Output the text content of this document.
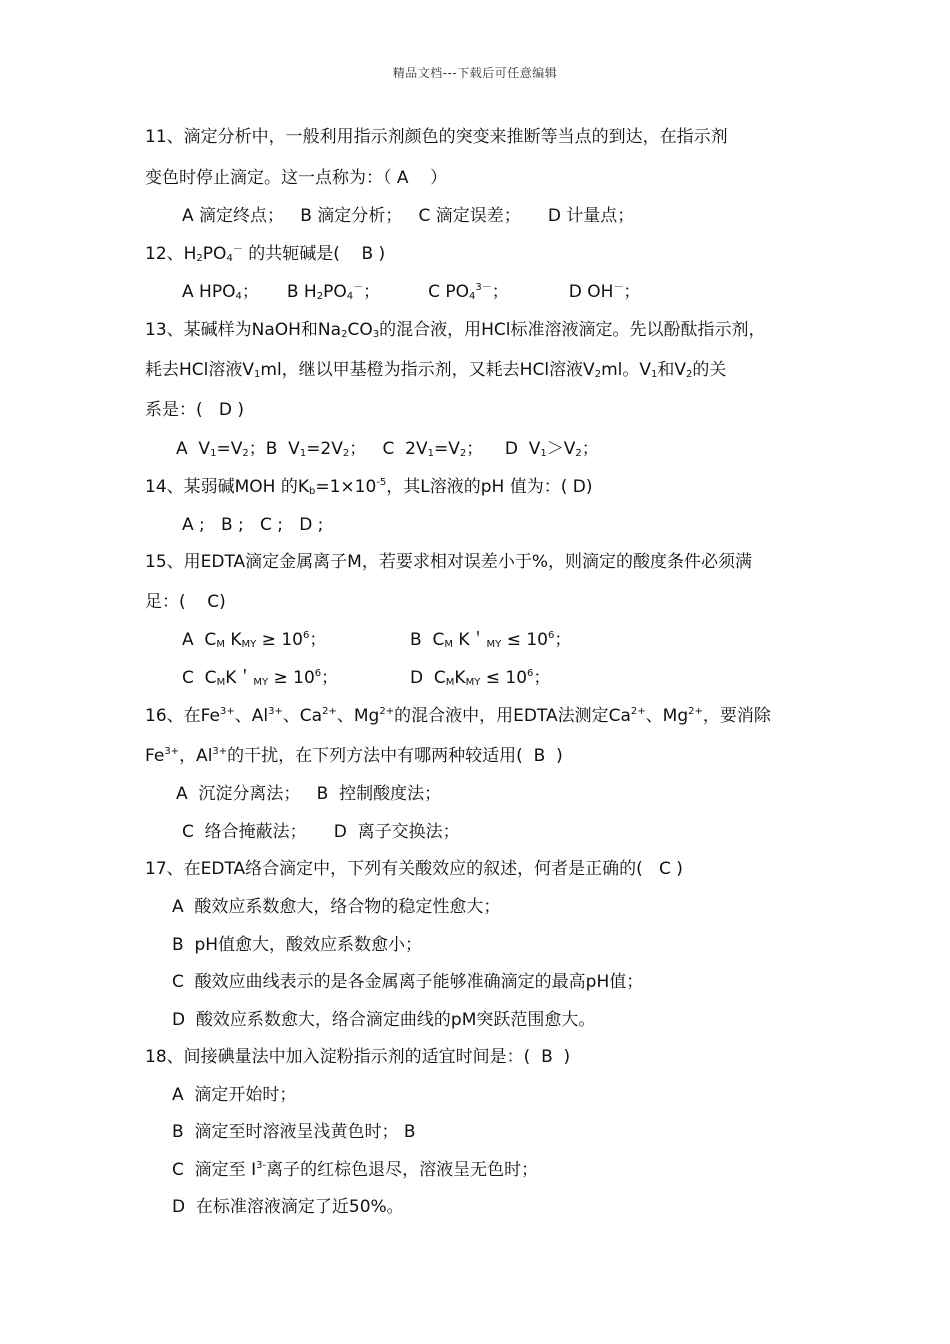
精品文档---下载后可任意编辑
11、滴定分析中，一般利用指示剂颜色的突变来推断等当点的到达，在指示剂
变色时停止滴定。这一点称为：（ A    ）
A 滴定终点；   B 滴定分析；   C 滴定误差；     D 计量点；
12、$H_2PO_4^-$ 的共轭碱是(    B )
A $HPO_4$； B $H_2PO_4^-$；	C $PO_4^{3-}$；	D OH－；
13、某碱样为NaOH和$Na_2CO_3$的混合液，用HCl标准溶液滴定。先以酚酞指示剂，
耗去HCl溶液$V_1ml$，继以甲基橙为指示剂，又耗去HCl溶液$V_2ml$。$V_1$和$V_2$的关
系是：(   D )
A  $V_1=V_2$；B  $V_1=2V_2$；   C  $2V_1=V_2$；    D  $V_1>V_2$；
14、某弱碱MOH 的$K_b=1\times 10^{-5}$，其L溶液的pH 值为：( D)
A ;   B ;   C ;   D ;
15、用EDTA滴定金属离子M，若要求相对误差小于%，则滴定的酸度条件必须满
足：(    C)
A  $C_M$ $K_{MY} \ge 10^6$；	B  $C_M$ K＇$_{MY} \le 10^6$；
C  $C_MK$＇$_{MY} \ge 10^6$；	D  $C_MK_{MY} \le 10^6$；
16、在$Fe^{3+}$、$Al^{3+}$、$Ca^{2+}$、$Mg^{2+}$的混合液中，用EDTA法测定$Ca^{2+}$、$Mg^{2+}$，要消除
$Fe^{3+}$，$Al^{3+}$的干扰，在下列方法中有哪两种较适用(  B  )
A  沉淀分离法；   B  控制酸度法；
C  络合掩蔽法；     D  离子交换法；
17、在EDTA络合滴定中，下列有关酸效应的叙述，何者是正确的(   C )
A  酸效应系数愈大，络合物的稳定性愈大；
B  pH值愈大，酸效应系数愈小；
C  酸效应曲线表示的是各金属离子能够准确滴定的最高pH值；
D  酸效应系数愈大，络合滴定曲线的pM突跃范围愈大。
18、间接碘量法中加入淀粉指示剂的适宜时间是：(  B  )
A  滴定开始时；
B  滴定至时溶液呈浅黄色时； B
C  滴定至 $I^{3-}$离子的红棕色退尽，溶液呈无色时；
D  在标准溶液滴定了近50%。
